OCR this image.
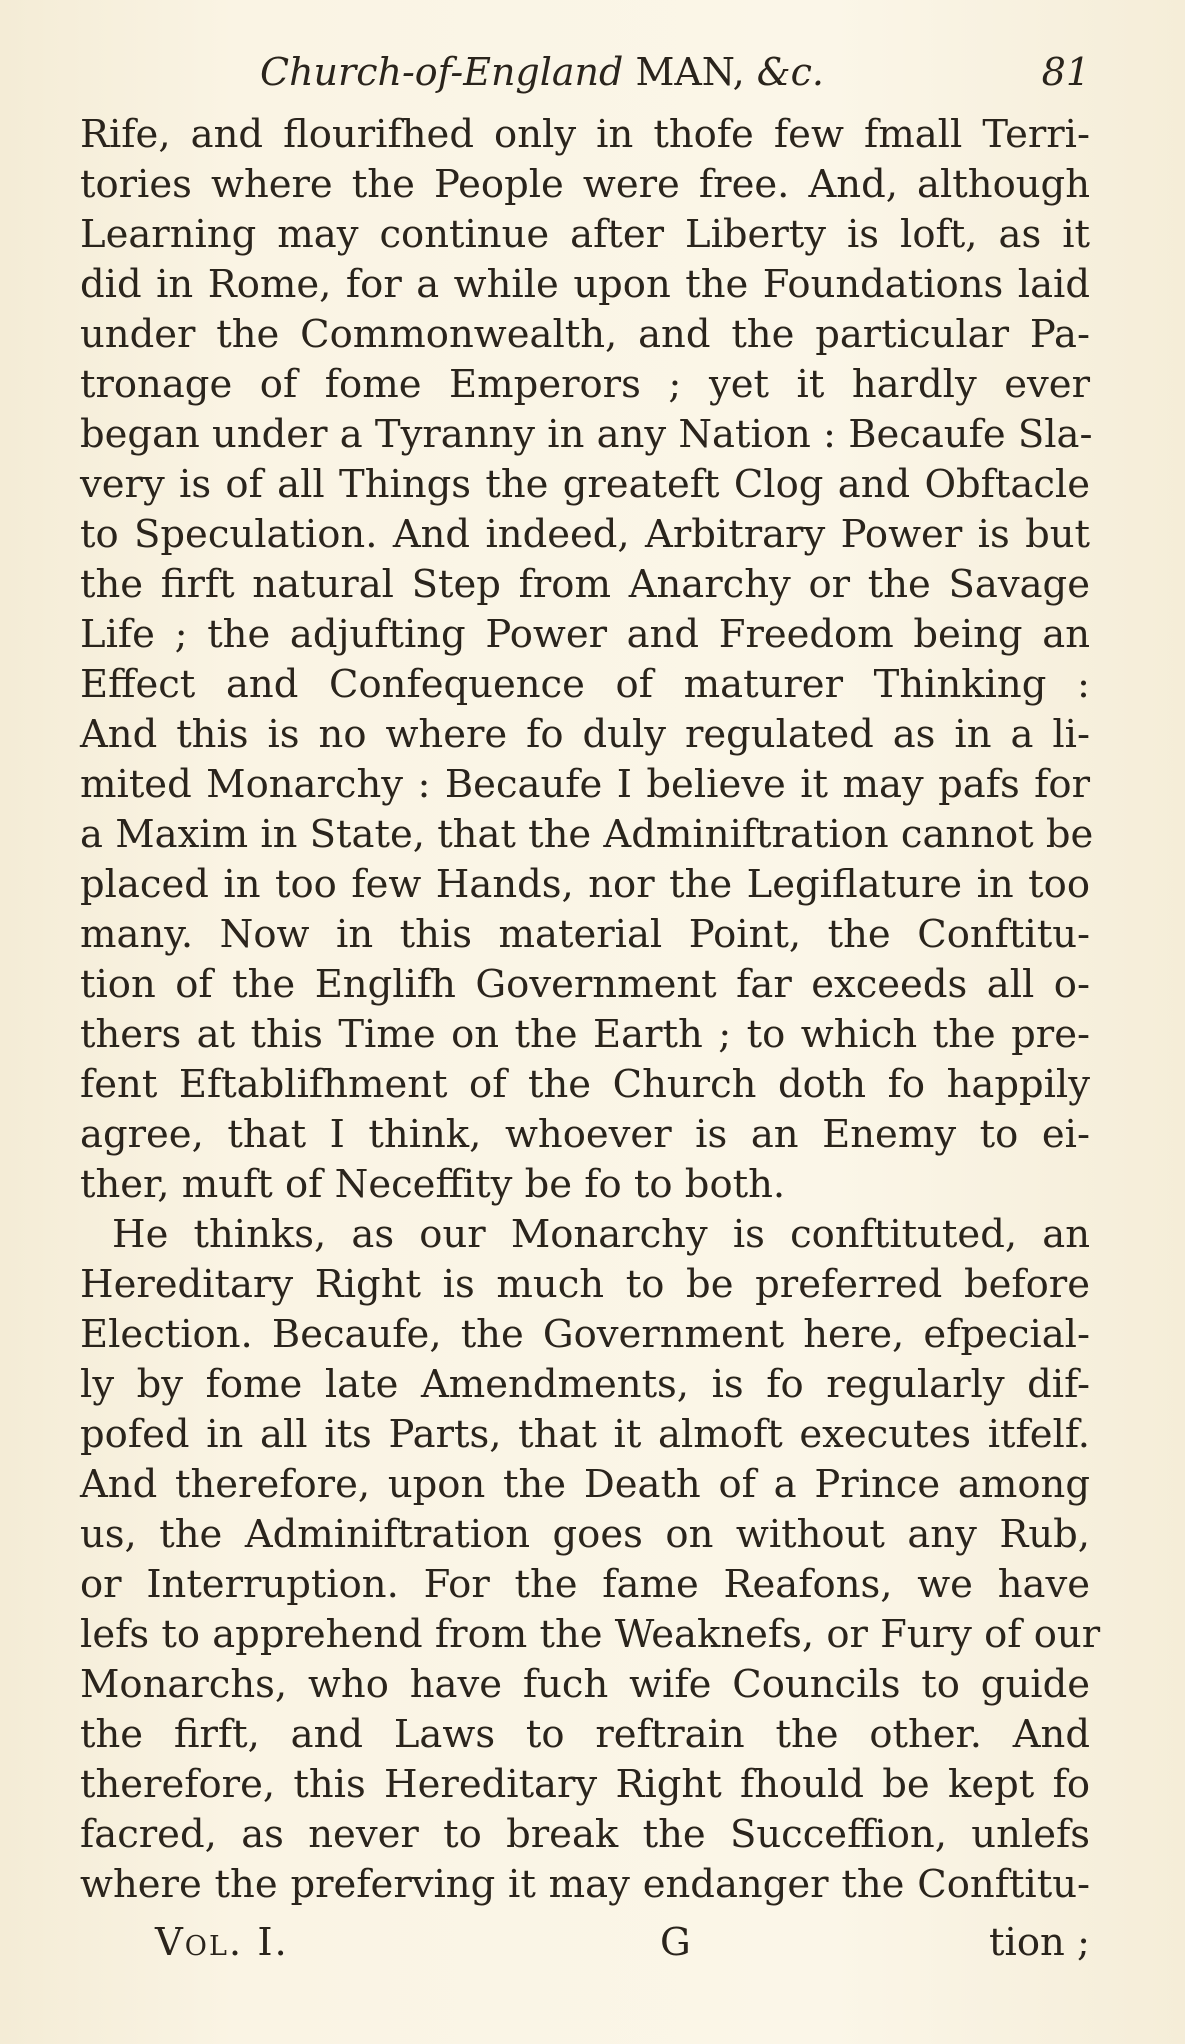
Church-of-England MAN, &c.	81
Rife, and flourifhed only in thofe few fmall Terri-
tories where the People were free. And, although
Learning may continue after Liberty is loft, as it
did in Rome, for a while upon the Foundations laid
under the Commonwealth, and the particular Pa-
tronage of fome Emperors ; yet it hardly ever
began under a Tyranny in any Nation : Becaufe Sla-
very is of all Things the greateft Clog and Obftacle
to Speculation. And indeed, Arbitrary Power is but
the firft natural Step from Anarchy or the Savage
Life ; the adjufting Power and Freedom being an
Effect and Confequence of maturer Thinking :
And this is no where fo duly regulated as in a li-
mited Monarchy : Becaufe I believe it may pafs for
a Maxim in State, that the Adminiftration cannot be
placed in too few Hands, nor the Legiflature in too
many. Now in this material Point, the Conftitu-
tion of the Englifh Government far exceeds all o-
thers at this Time on the Earth ; to which the pre-
fent Eftablifhment of the Church doth fo happily
agree, that I think, whoever is an Enemy to ei-
ther, muft of Neceffity be fo to both.
He thinks, as our Monarchy is conftituted, an
Hereditary Right is much to be preferred before
Election. Becaufe, the Government here, efpecial-
ly by fome late Amendments, is fo regularly dif-
pofed in all its Parts, that it almoft executes itfelf.
And therefore, upon the Death of a Prince among
us, the Adminiftration goes on without any Rub,
or Interruption. For the fame Reafons, we have
lefs to apprehend from the Weaknefs, or Fury of our
Monarchs, who have fuch wife Councils to guide
the firft, and Laws to reftrain the other. And
therefore, this Hereditary Right fhould be kept fo
facred, as never to break the Succeffion, unlefs
where the preferving it may endanger the Conftitu-
Vol. I.	G	tion ;
